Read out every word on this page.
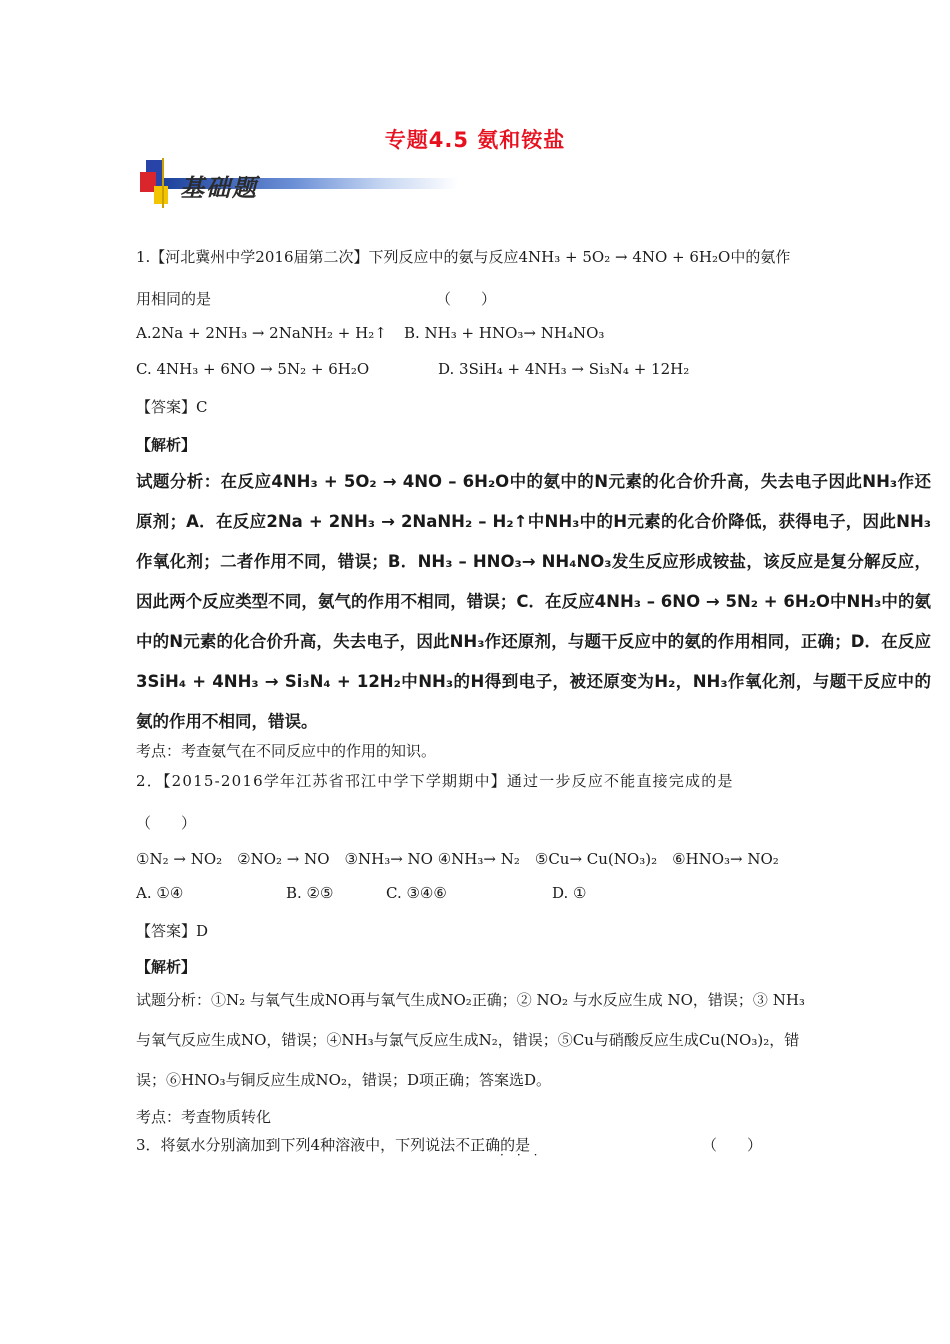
专题4.5 氨和铵盐
基础题
1.【河北冀州中学2016届第二次】下列反应中的氨与反应4NH₃ + 5O₂ → 4NO + 6H₂O中的氨作
用相同的是	（　　）
A.2Na + 2NH₃ → 2NaNH₂ + H₂↑ B. NH₃ + HNO₃→ NH₄NO₃
C. 4NH₃ + 6NO → 5N₂ + 6H₂O	D. 3SiH₄ + 4NH₃ → Si₃N₄ + 12H₂
【答案】C
【解析】
试题分析：在反应4NH₃ + 5O₂ → 4NO – 6H₂O中的氨中的N元素的化合价升高，失去电子因此NH₃作还原剂；A．在反应2Na + 2NH₃ → 2NaNH₂ – H₂↑中NH₃中的H元素的化合价降低，获得电子，因此NH₃作氧化剂；二者作用不同，错误；B．NH₃ – HNO₃→ NH₄NO₃发生反应形成铵盐，该反应是复分解反应，因此两个反应类型不同，氨气的作用不相同，错误；C．在反应4NH₃ – 6NO → 5N₂ + 6H₂O中NH₃中的氨中的N元素的化合价升高，失去电子，因此NH₃作还原剂，与题干反应中的氨的作用相同，正确；D．在反应3SiH₄ + 4NH₃ → Si₃N₄ + 12H₂中NH₃的H得到电子，被还原变为H₂，NH₃作氧化剂，与题干反应中的氨的作用不相同，错误。
考点：考查氨气在不同反应中的作用的知识。
2．【2015-2016学年江苏省邗江中学下学期期中】通过一步反应不能直接完成的是
（　　）
①N₂ → NO₂　②NO₂ → NO　③NH₃→ NO ④NH₃→ N₂　⑤Cu→ Cu(NO₃)₂　⑥HNO₃→ NO₂
A. ①④	B. ②⑤	C. ③④⑥	D. ①
【答案】D
【解析】
试题分析：①N₂ 与氧气生成NO再与氧气生成NO₂正确；② NO₂ 与水反应生成 NO，错误；③ NH₃与氧气反应生成NO，错误；④NH₃与氯气反应生成N₂，错误；⑤Cu与硝酸反应生成Cu(NO₃)₂，错误；⑥HNO₃与铜反应生成NO₂，错误；D项正确；答案选D。
考点：考查物质转化
3．将氨水分别滴加到下列4种溶液中，下列说法不正确的是
···
（　　）
